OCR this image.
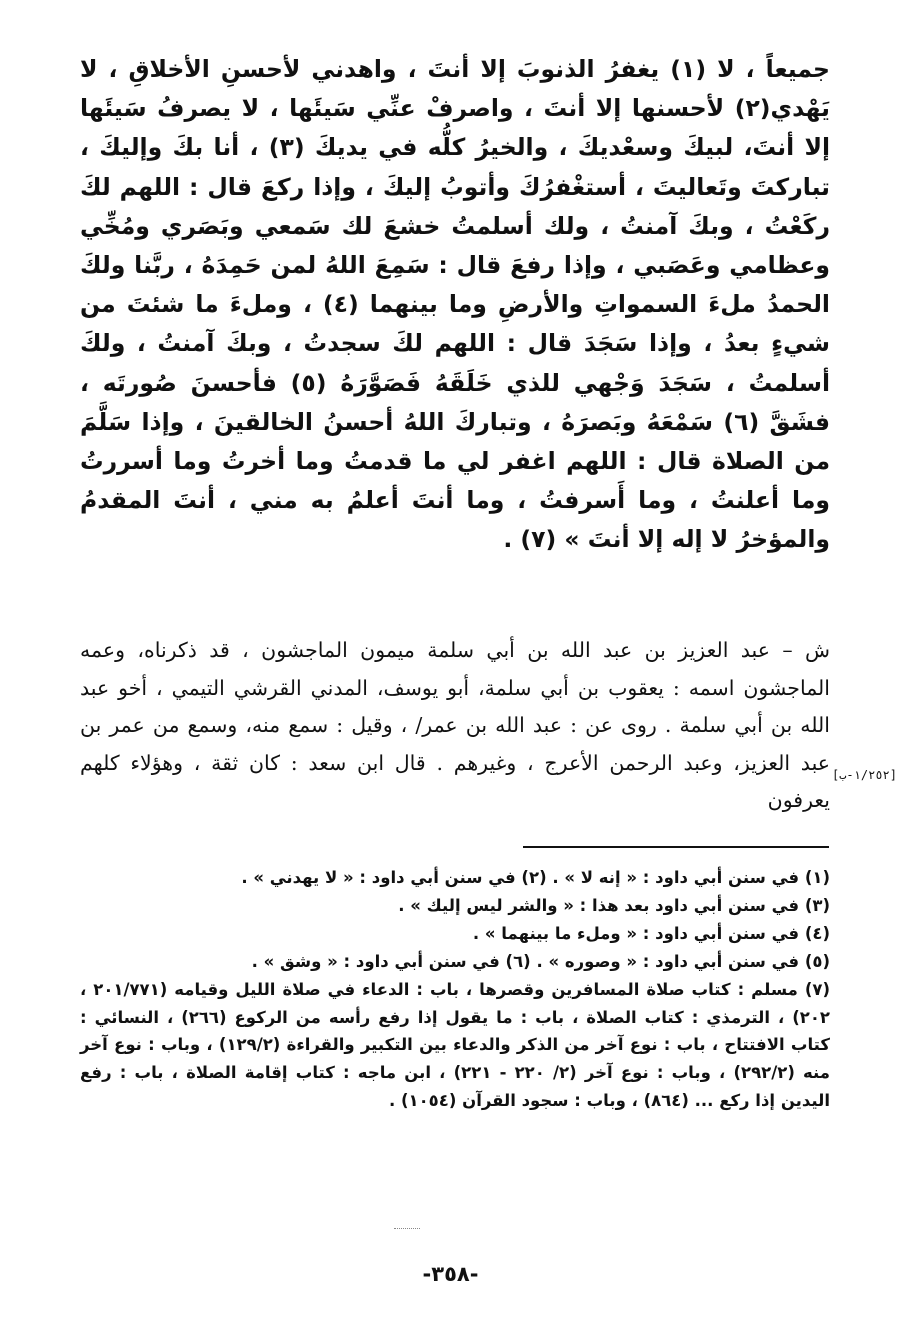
جميعاً ، لا (١) يغفرُ الذنوبَ إلا أنتَ ، واهدني لأحسنِ الأخلاقِ ، لا يَهْدي(٢) لأحسنها إلا أنتَ ، واصرفْ عنِّي سَيئَها ، لا يصرفُ سَيئَها إلا أنتَ، لبيكَ وسعْديكَ ، والخيرُ كلُّه في يديكَ (٣) ، أنا بكَ وإليكَ ، تباركتَ وتَعاليتَ ، أستغْفرُكَ وأتوبُ إليكَ ، وإذا ركعَ قال : اللهم لكَ ركَعْتُ ، وبكَ آمنتُ ، ولك أسلمتُ خشعَ لك سَمعي وبَصَري ومُخِّي وعظامي وعَصَبي ، وإذا رفعَ قال : سَمِعَ اللهُ لمن حَمِدَهُ ، ربَّنا ولكَ الحمدُ ملءَ السمواتِ والأرضِ وما بينهما (٤) ، وملءَ ما شئتَ من شيءٍ بعدُ ، وإذا سَجَدَ قال : اللهم لكَ سجدتُ ، وبكَ آمنتُ ، ولكَ أسلمتُ ، سَجَدَ وَجْهي للذي خَلَقَهُ فَصَوَّرَهُ (٥) فأحسنَ صُورتَه ، فشَقَّ (٦) سَمْعَهُ وبَصرَهُ ، وتباركَ اللهُ أحسنُ الخالقينَ ، وإذا سَلَّمَ من الصلاة قال : اللهم اغفر لي ما قدمتُ وما أخرتُ وما أسررتُ وما أعلنتُ ، وما أَسرفتُ ، وما أنتَ أعلمُ به مني ، أنتَ المقدمُ والمؤخرُ لا إله إلا أنتَ » (٧) .

ش – عبد العزيز بن عبد الله بن أبي سلمة ميمون الماجشون ، قد ذكرناه، وعمه الماجشون اسمه : يعقوب بن أبي سلمة، أبو يوسف، المدني القرشي التيمي ، أخو عبد الله بن أبي سلمة . روى عن : عبد الله بن عمر/ ، وقيل : سمع منه، وسمع من عمر بن عبد العزيز، وعبد الرحمن الأعرج ، وغيرهم . قال ابن سعد : كان ثقة ، وهؤلاء كلهم يعرفون

[١/٢٥٢-ب]
(١) في سنن أبي داود : « إنه لا » . (٢) في سنن أبي داود : « لا يهدني » .
(٣) في سنن أبي داود بعد هذا : « والشر ليس إليك » .
(٤) في سنن أبي داود : « وملء ما بينهما » .
(٥) في سنن أبي داود : « وصوره » . (٦) في سنن أبي داود : « وشق » .
(٧) مسلم : كتاب صلاة المسافرين وقصرها ، باب : الدعاء في صلاة الليل وقيامه (٢٠١/٧٧١ ، ٢٠٢) ، الترمذي : كتاب الصلاة ، باب : ما يقول إذا رفع رأسه من الركوع (٢٦٦) ، النسائي : كتاب الافتتاح ، باب : نوع آخر من الذكر والدعاء بين التكبير والقراءة (١٢٩/٢) ، وباب : نوع آخر منه (٢٩٢/٢) ، وباب : نوع آخر (٢/ ٢٢٠ - ٢٢١) ، ابن ماجه : كتاب إقامة الصلاة ، باب : رفع اليدين إذا ركع ... (٨٦٤) ، وباب : سجود القرآن (١٠٥٤) .
-٣٥٨-
